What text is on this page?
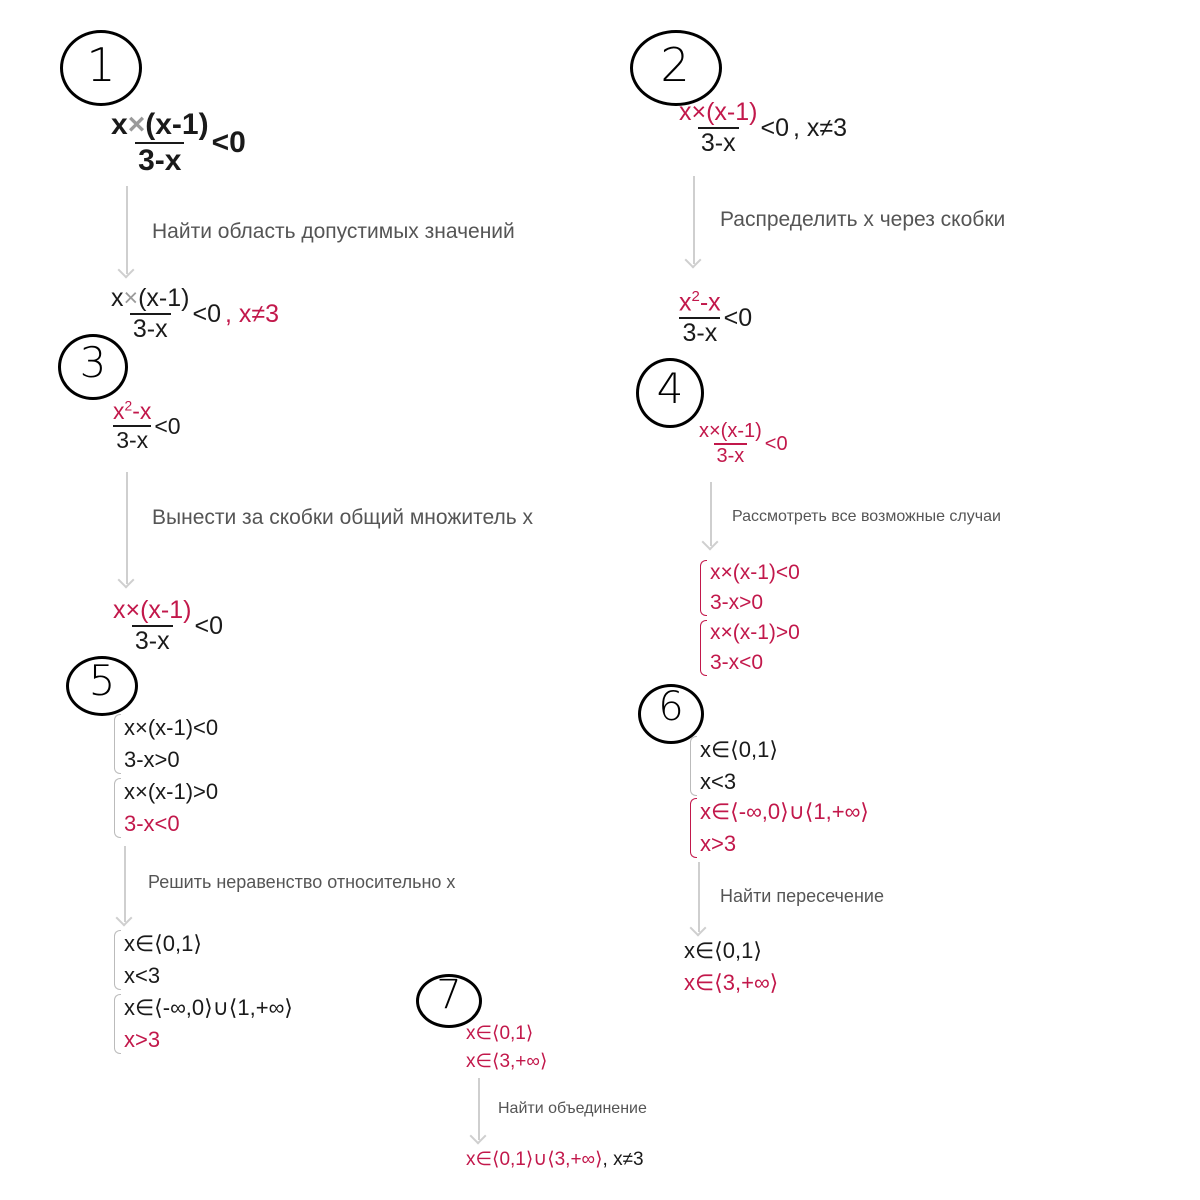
1
x×(x-1)
3-x
<0
Найти область допустимых значений
x×(x-1)
3-x
<0 , x≠3
2
x×(x-1)
3-x
<0 , x≠3
Распределить x через скобки
$x^2-x$
3-x
<0
3
$x^2-x$
3-x
<0
Вынести за скобки общий множитель x
x×(x-1)
3-x
<0
4
x×(x-1)
3-x
<0
Рассмотреть все возможные случаи
x×(x-1)<0
3-x>0
x×(x-1)>0
3-x<0
5
x×(x-1)<0
3-x>0
x×(x-1)>0
3-x<0
Решить неравенство относительно x
x∈⟨0,1⟩
x<3
x∈⟨-∞,0⟩∪⟨1,+∞⟩
x>3
6
x∈⟨0,1⟩
x<3
x∈⟨-∞,0⟩∪⟨1,+∞⟩
x>3
Найти пересечение
x∈⟨0,1⟩
x∈⟨3,+∞⟩
7
x∈⟨0,1⟩
x∈⟨3,+∞⟩
Найти объединение
x∈⟨0,1⟩∪⟨3,+∞⟩, x≠3
